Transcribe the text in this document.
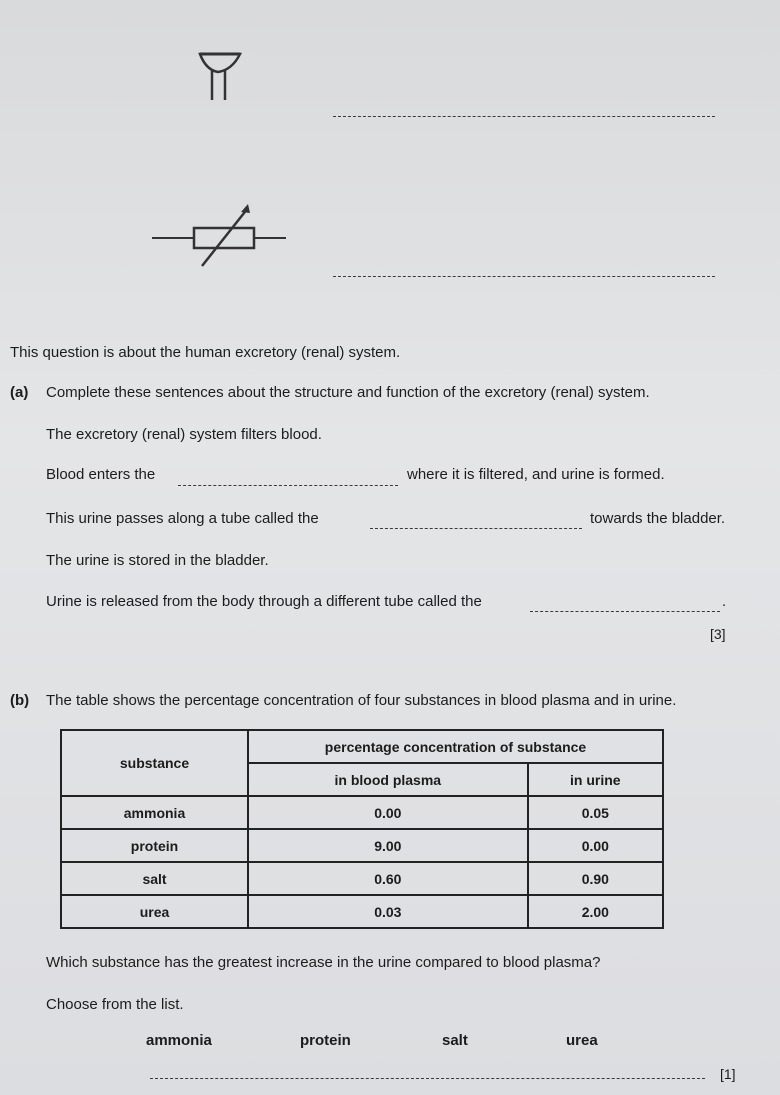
This question is about the human excretory (renal) system.
(a) Complete these sentences about the structure and function of the excretory (renal) system.
The excretory (renal) system filters blood.
Blood enters the	where it is filtered, and urine is formed.
This urine passes along a tube called the	towards the bladder.
The urine is stored in the bladder.
Urine is released from the body through a different tube called the	.
[3]
(b) The table shows the percentage concentration of four substances in blood plasma and in urine.
substance	percentage concentration of substance	
	in blood plasma	in urine
ammonia	0.00	0.05
protein	9.00	0.00
salt	0.60	0.90
urea	0.03	2.00
Which substance has the greatest increase in the urine compared to blood plasma?
Choose from the list.
ammonia	protein	salt	urea
[1]
